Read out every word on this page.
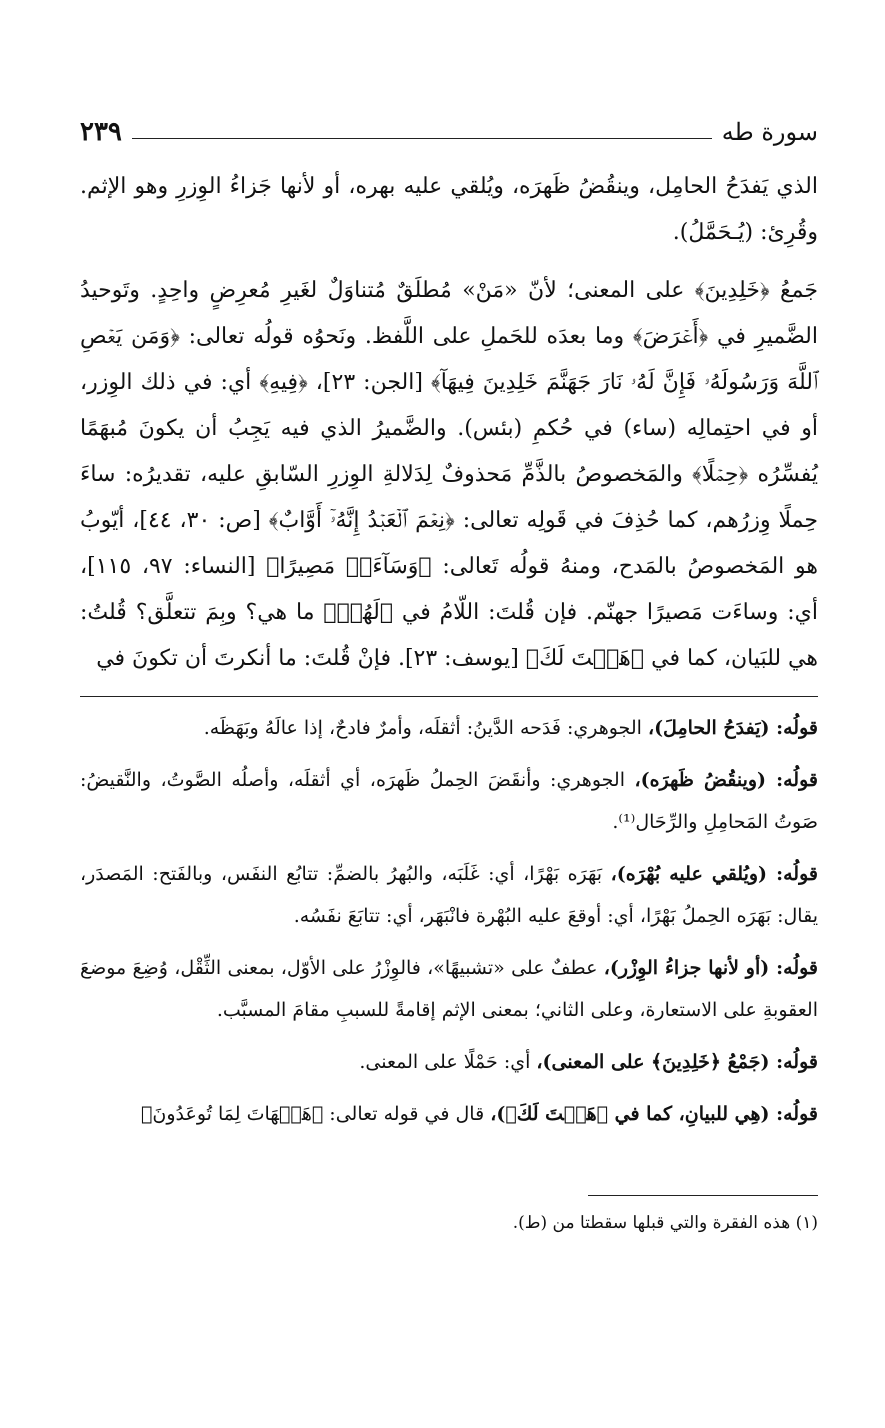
سورة طه
٢٣٩

الذي يَفدَحُ الحامِل، وينقُضُ ظَهرَه، ويُلقي عليه بهره، أو لأنها جَزاءُ الوِزرِ وهو الإثم. وقُرِئ: (يُـحَمَّلُ).

جَمعُ ﴿خَلِدِينَ﴾ على المعنى؛ لأنّ «مَنْ» مُطلَقٌ مُتناوَلٌ لغَيرِ مُعرِضٍ واحِدٍ. وتَوحيدُ الضَّميرِ في ﴿أَعۡرَضَ﴾ وما بعدَه للحَملِ على اللَّفظ. ونَحوُه قولُه تعالى: ﴿وَمَن يَعۡصِ ٱللَّهَ وَرَسُولَهُۥ فَإِنَّ لَهُۥ نَارَ جَهَنَّمَ خَلِدِينَ فِيهَآ﴾ [الجن: ٢٣]، ﴿فِيهِ﴾ أي: في ذلك الوِزر، أو في احتِمالِه (ساء) في حُكمِ (بئس). والضَّميرُ الذي فيه يَجِبُ أن يكونَ مُبهَمًا يُفسِّرُه ﴿حِمۡلًا﴾ والمَخصوصُ بالذَّمِّ مَحذوفٌ لِدَلالةِ الوِزرِ السّابقِ عليه، تقديرُه: ساءَ حِملًا وِزرُهم، كما حُذِفَ في قَولِه تعالى: ﴿نِعۡمَ ٱلۡعَبۡدُ إِنَّهُۥٓ أَوَّابٌ﴾ [ص: ٣٠، ٤٤]، أيّوبُ هو المَخصوصُ بالمَدح، ومنهُ قولُه تَعالى: ﴿وَسَآءَتۡ مَصِيرًا﴾ [النساء: ٩٧، ١١٥]، أي: وساءَت مَصيرًا جهنّم. فإن قُلتَ: اللّامُ في ﴿لَهُمۡ﴾ ما هي؟ وبِمَ تتعلَّق؟ قُلتُ: هي للبَيان، كما في ﴿هَيۡتَ لَكَ﴾ [يوسف: ٢٣]. فإنْ قُلتَ: ما أنكرتَ أن تكونَ في

قولُه: (يَفدَحُ الحامِلَ)، الجوهري: فَدَحه الدَّينُ: أثقلَه، وأمرٌ فادحٌ، إذا عالَهُ وبَهَظَه.

قولُه: (وينقُضُ ظَهرَه)، الجوهري: وأنقَضَ الحِملُ ظَهرَه، أي أثقلَه، وأصلُه الصَّوتُ، والنَّقيضُ: صَوتُ المَحامِلِ والرِّحَال⁽¹⁾.

قولُه: (ويُلقي عليه بُهْرَه)، بَهَرَه بَهْرًا، أي: غَلَبَه، والبُهرُ بالضمِّ: تتابُع النفَس، وبالفَتح: المَصدَر، يقال: بَهَرَه الحِملُ بَهْرًا، أي: أوقعَ عليه البُهْرة فانْبَهَر، أي: تتابَعَ نفَسُه.

قولُه: (أو لأنها جزاءُ الوِزْر)، عطفٌ على «تشبيهًا»، فالوِزْرُ على الأوّل، بمعنى الثِّقْل، وُضِعَ موضعَ العقوبةِ على الاستعارة، وعلى الثاني؛ بمعنى الإثم إقامةً للسببِ مقامَ المسبَّب.

قولُه: (جَمْعُ ﴿خَلِدِينَ﴾ على المعنى)، أي: حَمْلًا على المعنى.

قولُه: (هِي للبيانِ، كما في ﴿هَيۡتَ لَكَ﴾)، قال في قوله تعالى: ﴿هَيۡهَاتَ لِمَا تُوعَدُونَ﴾

(١) هذه الفقرة والتي قبلها سقطتا من (ط).
